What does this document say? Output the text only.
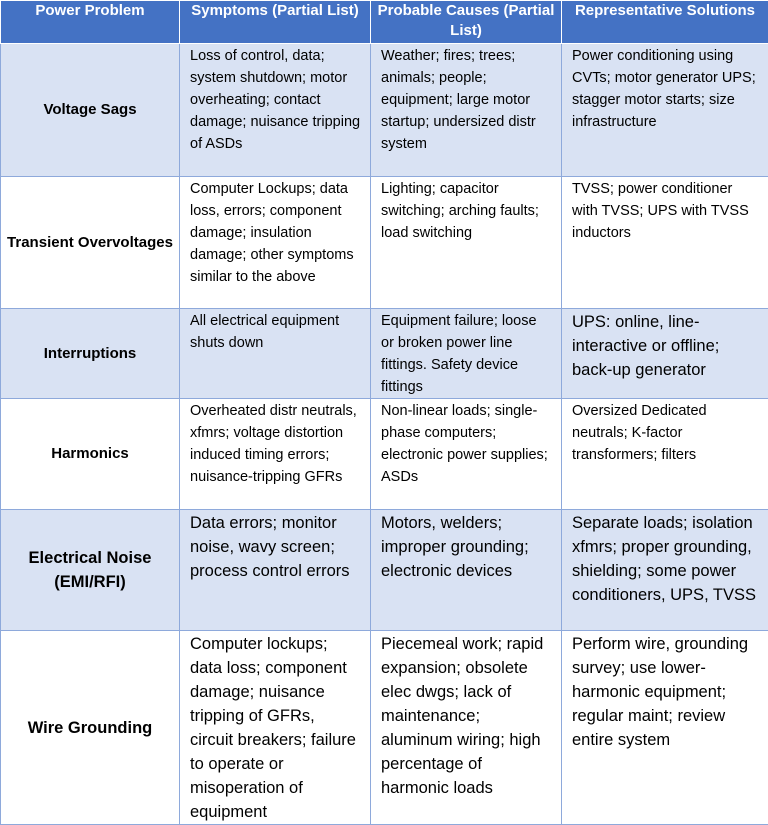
Power Problem	Symptoms (Partial List)	Probable Causes (Partial List)	Representative Solutions
Voltage Sags	Loss of control, data; system shutdown; motor overheating; contact damage; nuisance tripping of ASDs	Weather; fires; trees; animals; people; equipment; large motor startup; undersized distr system	Power conditioning using CVTs; motor generator UPS; stagger motor starts; size infrastructure
Transient Overvoltages	Computer Lockups; data loss, errors; component damage; insulation damage; other symptoms similar to the above	Lighting; capacitor switching; arching faults; load switching	TVSS; power conditioner with TVSS; UPS with TVSS inductors
Interruptions	All electrical equipment shuts down	Equipment failure; loose or broken power line fittings. Safety device fittings	UPS: online, line-interactive or offline; back-up generator
Harmonics	Overheated distr neutrals, xfmrs; voltage distortion induced timing errors; nuisance-tripping GFRs	Non-linear loads; single-phase computers; electronic power supplies; ASDs	Oversized Dedicated neutrals; K-factor transformers; filters
Electrical Noise (EMI/RFI)	Data errors; monitor noise, wavy screen; process control errors	Motors, welders; improper grounding; electronic devices	Separate loads; isolation xfmrs; proper grounding, shielding; some power conditioners, UPS, TVSS
Wire Grounding	Computer lockups; data loss; component damage; nuisance tripping of GFRs, circuit breakers; failure to operate or misoperation of equipment	Piecemeal work; rapid expansion; obsolete elec dwgs; lack of maintenance; aluminum wiring; high percentage of harmonic loads	Perform wire, grounding survey; use lower-harmonic equipment; regular maint; review entire system
